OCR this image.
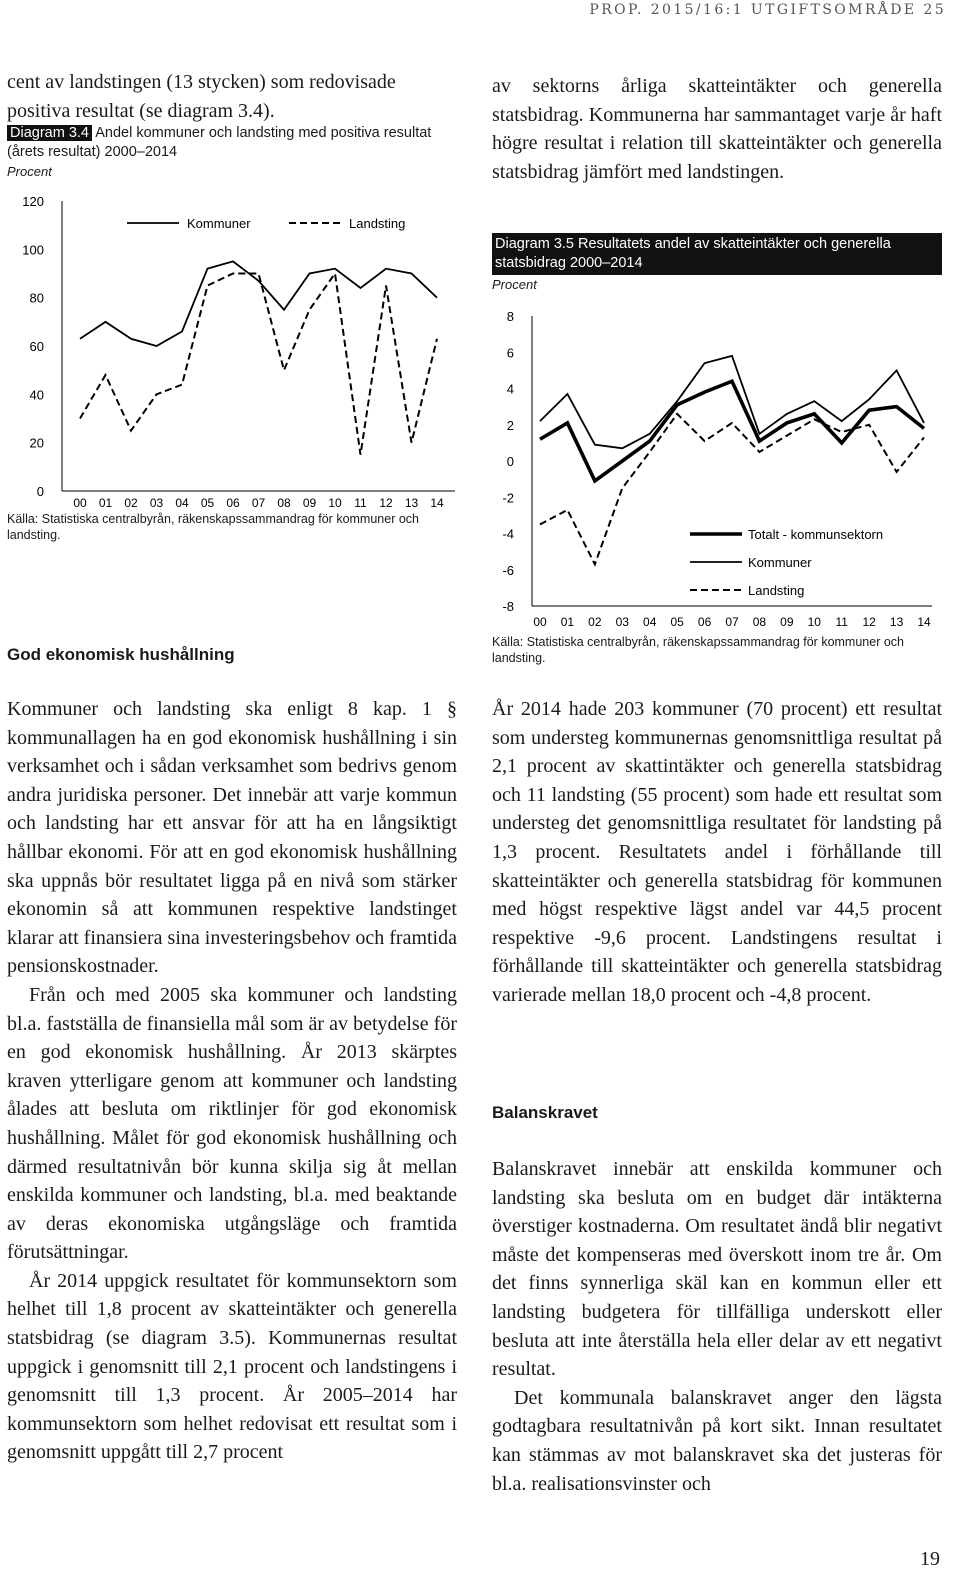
PROP. 2015/16:1 UTGIFTSOMRÅDE 25

cent av landstingen (13 stycken) som redovisade positiva resultat (se diagram 3.4).

Diagram 3.4 Andel kommuner och landsting med positiva resultat (årets resultat) 2000–2014

Procent
0
20
40
60
80
100
120
00 01 02 03 04 05 06 07 08 09 10 11 12 13 14
Kommuner	Landsting

Källa: Statistiska centralbyrån, räkenskapssammandrag för kommuner och landsting.

God ekonomisk hushållning

Kommuner och landsting ska enligt 8 kap. 1 § kommunallagen ha en god ekonomisk hushållning i sin verksamhet och i sådan verksamhet som bedrivs genom andra juridiska personer. Det innebär att varje kommun och landsting har ett ansvar för att ha en långsiktigt hållbar ekonomi. För att en god ekonomisk hushållning ska uppnås bör resultatet ligga på en nivå som stärker ekonomin så att kommunen respektive landstinget klarar att finansiera sina investeringsbehov och framtida pensionskostnader.

Från och med 2005 ska kommuner och landsting bl.a. fastställa de finansiella mål som är av betydelse för en god ekonomisk hushållning. År 2013 skärptes kraven ytterligare genom att kommuner och landsting ålades att besluta om riktlinjer för god ekonomisk hushållning. Målet för god ekonomisk hushållning och därmed resultatnivån bör kunna skilja sig åt mellan enskilda kommuner och landsting, bl.a. med beaktande av deras ekonomiska utgångsläge och framtida förutsättningar.

År 2014 uppgick resultatet för kommunsektorn som helhet till 1,8 procent av skatteintäkter och generella statsbidrag (se diagram 3.5). Kommunernas resultat uppgick i genomsnitt till 2,1 procent och landstingens i genomsnitt till 1,3 procent. År 2005–2014 har kommunsektorn som helhet redovisat ett resultat som i genomsnitt uppgått till 2,7 procent

av sektorns årliga skatteintäkter och generella statsbidrag. Kommunerna har sammantaget varje år haft högre resultat i relation till skatteintäkter och generella statsbidrag jämfört med landstingen.

Diagram 3.5 Resultatets andel av skatteintäkter och generella statsbidrag 2000–2014

Procent
-8
-6
-4
-2
0
2
4
6
8
00 01 02 03 04 05 06 07 08 09 10 11 12 13 14
Totalt - kommunsektorn
Kommuner
Landsting

Källa: Statistiska centralbyrån, räkenskapssammandrag för kommuner och landsting.

År 2014 hade 203 kommuner (70 procent) ett resultat som understeg kommunernas genomsnittliga resultat på 2,1 procent av skattintäkter och generella statsbidrag och 11 landsting (55 procent) som hade ett resultat som understeg det genomsnittliga resultatet för landsting på 1,3 procent. Resultatets andel i förhållande till skatteintäkter och generella statsbidrag för kommunen med högst respektive lägst andel var 44,5 procent respektive -9,6 procent. Landstingens resultat i förhållande till skatteintäkter och generella statsbidrag varierade mellan 18,0 procent och -4,8 procent.

Balanskravet

Balanskravet innebär att enskilda kommuner och landsting ska besluta om en budget där intäkterna överstiger kostnaderna. Om resultatet ändå blir negativt måste det kompenseras med överskott inom tre år. Om det finns synnerliga skäl kan en kommun eller ett landsting budgetera för tillfälliga underskott eller besluta att inte återställa hela eller delar av ett negativt resultat.

Det kommunala balanskravet anger den lägsta godtagbara resultatnivån på kort sikt. Innan resultatet kan stämmas av mot balanskravet ska det justeras för bl.a. realisationsvinster och

19
